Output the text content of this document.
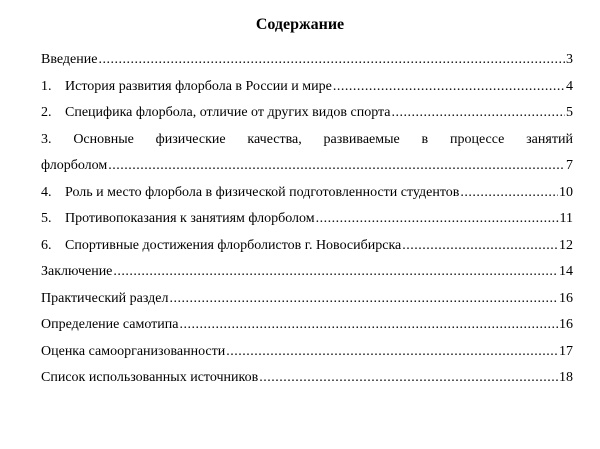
Содержание
Введение .....	3
1. История развития флорбола в России и мире .....	4
2. Специфика флорбола, отличие от других видов спорта .....	5
3. Основные физические качества, развиваемые в процессе занятий
флорболом .....	7
4. Роль и место флорбола в физической подготовленности студентов .....	10
5. Противопоказания к занятиям флорболом .....	11
6. Спортивные достижения флорболистов г. Новосибирска .....	12
Заключение .....	14
Практический раздел .....	16
Определение самотипа .....	16
Оценка самоорганизованности .....	17
Список использованных источников .....	18
